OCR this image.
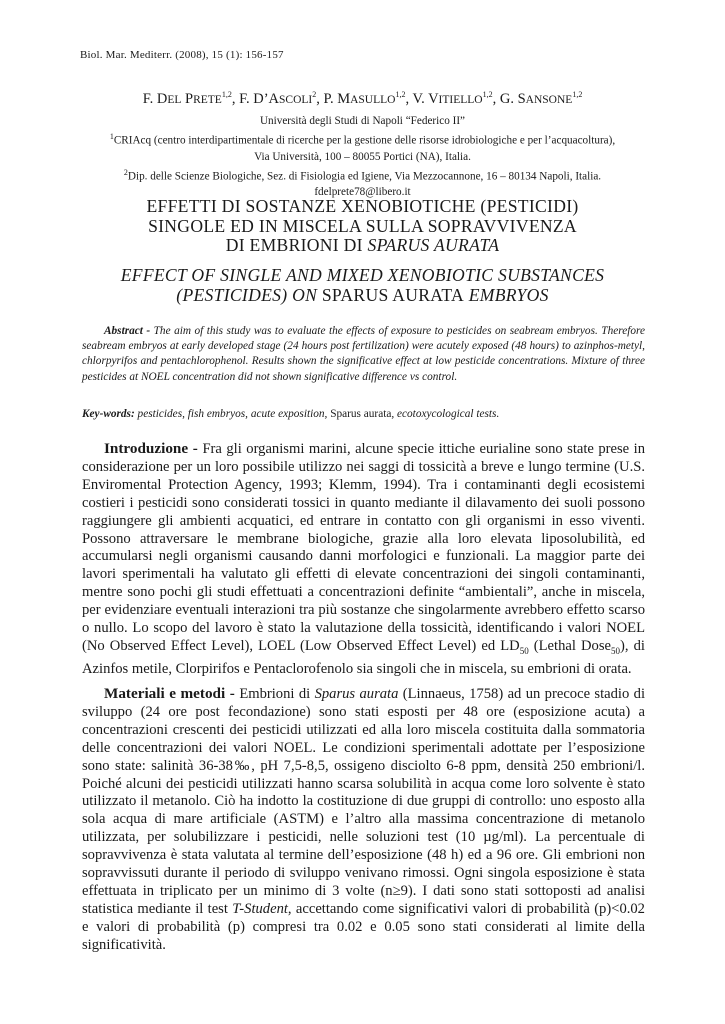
Biol. Mar. Mediterr. (2008), 15 (1): 156-157
F. DEL PRETE$^{1,2}$, F. D’ASCOLI$^2$, P. MASULLO$^{1,2}$, V. VITIELLO$^{1,2}$, G. SANSONE$^{1,2}$
Università degli Studi di Napoli “Federico II”
$^1$CRIAcq (centro interdipartimentale di ricerche per la gestione delle risorse idrobiologiche e per l’acquacoltura),
Via Università, 100 – 80055 Portici (NA), Italia.
$^2$Dip. delle Scienze Biologiche, Sez. di Fisiologia ed Igiene, Via Mezzocannone, 16 – 80134 Napoli, Italia.
fdelprete78@libero.it
EFFETTI DI SOSTANZE XENOBIOTICHE (PESTICIDI)
SINGOLE ED IN MISCELA SULLA SOPRAVVIVENZA
DI EMBRIONI DI SPARUS AURATA
EFFECT OF SINGLE AND MIXED XENOBIOTIC SUBSTANCES
(PESTICIDES) ON SPARUS AURATA EMBRYOS
Abstract - The aim of this study was to evaluate the effects of exposure to pesticides on seabream embryos. Therefore seabream embryos at early developed stage (24 hours post fertilization) were acutely exposed (48 hours) to azinphos-metyl, chlorpyrifos and pentachlorophenol. Results shown the significative effect at low pesticide concentrations. Mixture of three pesticides at NOEL concentration did not shown significative difference vs control.
Key-words: pesticides, fish embryos, acute exposition, Sparus aurata, ecotoxycological tests.
Introduzione - Fra gli organismi marini, alcune specie ittiche eurialine sono state prese in considerazione per un loro possibile utilizzo nei saggi di tossicità a breve e lungo termine (U.S. Enviromental Protection Agency, 1993; Klemm, 1994). Tra i contaminanti degli ecosistemi costieri i pesticidi sono considerati tossici in quanto mediante il dilavamento dei suoli possono raggiungere gli ambienti acquatici, ed entrare in contatto con gli organismi in esso viventi. Possono attraversare le membrane biologiche, grazie alla loro elevata liposolubilità, ed accumularsi negli organismi causando danni morfologici e funzionali. La maggior parte dei lavori sperimentali ha valutato gli effetti di elevate concentrazioni dei singoli contaminanti, mentre sono pochi gli studi effettuati a concentrazioni definite “ambientali”, anche in miscela, per evidenziare eventuali interazioni tra più sostanze che singolarmente avrebbero effetto scarso o nullo. Lo scopo del lavoro è stato la valutazione della tossicità, identificando i valori NOEL (No Observed Effect Level), LOEL (Low Observed Effect Level) ed $LD_{50}$ (Lethal Dose$_{50}$), di Azinfos metile, Clorpirifos e Pentaclorofenolo sia singoli che in miscela, su embrioni di orata.
Materiali e metodi - Embrioni di Sparus aurata (Linnaeus, 1758) ad un precoce stadio di sviluppo (24 ore post fecondazione) sono stati esposti per 48 ore (esposizione acuta) a concentrazioni crescenti dei pesticidi utilizzati ed alla loro miscela costituita dalla sommatoria delle concentrazioni dei valori NOEL. Le condizioni sperimentali adottate per l’esposizione sono state: salinità 36-38‰, pH 7,5-8,5, ossigeno disciolto 6-8 ppm, densità 250 embrioni/l. Poiché alcuni dei pesticidi utilizzati hanno scarsa solubilità in acqua come loro solvente è stato utilizzato il metanolo. Ciò ha indotto la costituzione di due gruppi di controllo: uno esposto alla sola acqua di mare artificiale (ASTM) e l’altro alla massima concentrazione di metanolo utilizzata, per solubilizzare i pesticidi, nelle soluzioni test (10 µg/ml). La percentuale di sopravvivenza è stata valutata al termine dell’esposizione (48 h) ed a 96 ore. Gli embrioni non sopravvissuti durante il periodo di sviluppo venivano rimossi. Ogni singola esposizione è stata effettuata in triplicato per un minimo di 3 volte (n≥9). I dati sono stati sottoposti ad analisi statistica mediante il test T-Student, accettando come significativi valori di probabilità (p)<0.02 e valori di probabilità (p) compresi tra 0.02 e 0.05 sono stati considerati al limite della significatività.
